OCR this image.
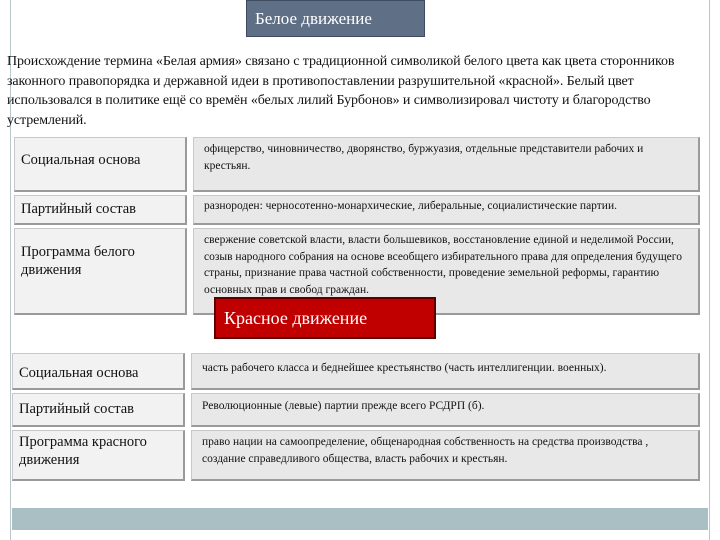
Белое движение
Происхождение термина «Белая армия» связано с традиционной символикой белого цвета как цвета сторонников законного правопорядка и державной идеи в противопоставлении разрушительной «красной». Белый цвет использовался в политике ещё со времён «белых лилий Бурбонов» и символизировал чистоту и благородство устремлений.
Социальная основа		офицерство, чиновничество, дворянство, буржуазия, отдельные представители рабочих и крестьян.
Партийный состав		разнороден: черносотенно-монархические, либеральные, социалистические партии.
Программа белого движения		свержение советской власти, власти большевиков, восстановление единой и неделимой России, созыв народного собрания на основе всеобщего избирательного права для определения будущего страны, признание права частной собственности, проведение земельной реформы, гарантию основных прав и свобод граждан.
Красное движение
Социальная основа		часть рабочего класса и беднейшее крестьянство (часть интеллигенции. военных).
Партийный состав		Революционные (левые) партии прежде всего РСДРП (б).
Программа красного движения		право нации на самоопределение, общенародная собственность на средства производства , создание справедливого общества, власть рабочих и крестьян.
